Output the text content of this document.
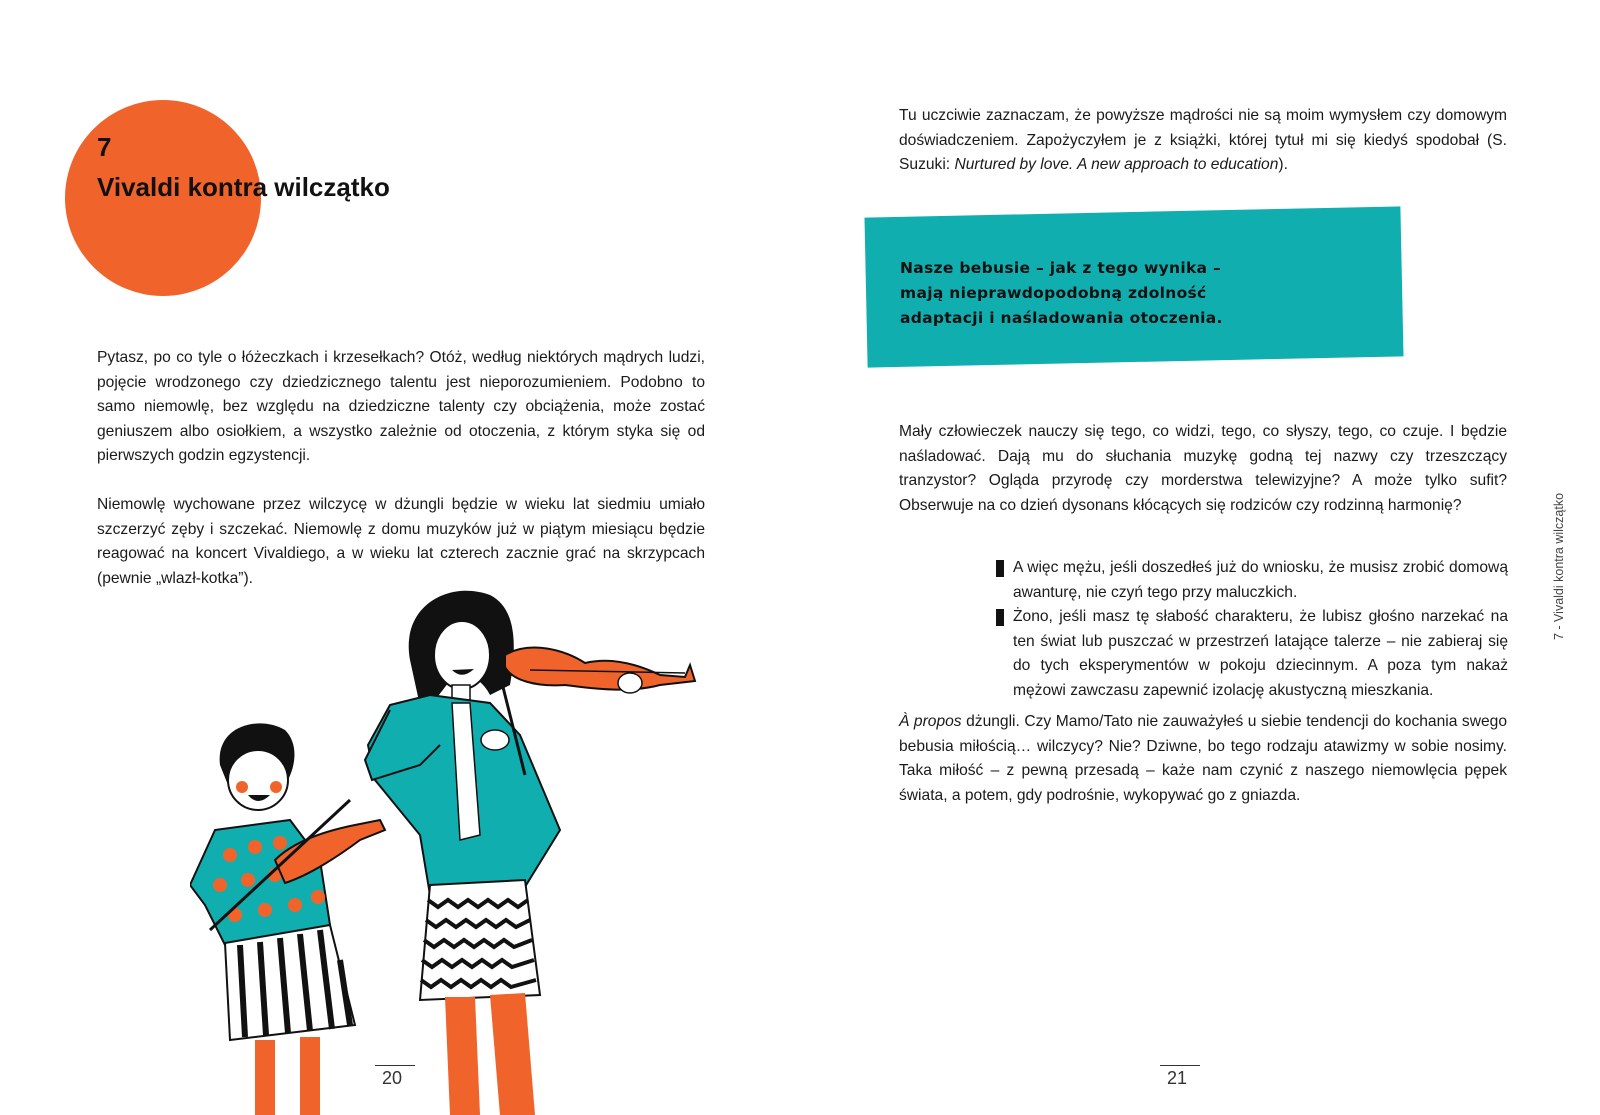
7
Vivaldi kontra wilczątko

Pytasz, po co tyle o łóżeczkach i krzesełkach? Otóż, według niektórych mądrych ludzi, pojęcie wrodzonego czy dziedzicznego talentu jest nieporozumieniem. Podobno to samo niemowlę, bez względu na dziedziczne talenty czy obciążenia, może zostać geniuszem albo osiołkiem, a wszystko zależnie od otoczenia, z którym styka się od pierwszych godzin egzystencji.

Niemowlę wychowane przez wilczycę w dżungli będzie w wieku lat siedmiu umiało szczerzyć zęby i szczekać. Niemowlę z domu muzyków już w piątym miesiącu będzie reagować na koncert Vivaldiego, a w wieku lat czterech zacznie grać na skrzypcach (pewnie „wlazł-kotka”).

20

Tu uczciwie zaznaczam, że powyższe mądrości nie są moim wymysłem czy domowym doświadczeniem. Zapożyczyłem je z książki, której tytuł mi się kiedyś spodobał (S. Suzuki: Nurtured by love. A new approach to education).

Nasze bebusie – jak z tego wynika – mają nieprawdopodobną zdolność adaptacji i naśladowania otoczenia.

Mały człowieczek nauczy się tego, co widzi, tego, co słyszy, tego, co czuje. I będzie naśladować. Dają mu do słuchania muzykę godną tej nazwy czy trzeszczący tranzystor? Ogląda przyrodę czy morderstwa telewizyjne? A może tylko sufit? Obserwuje na co dzień dysonans kłócących się rodziców czy rodzinną harmonię?

A więc mężu, jeśli doszedłeś już do wniosku, że musisz zrobić domową awanturę, nie czyń tego przy maluczkich.
Żono, jeśli masz tę słabość charakteru, że lubisz głośno narzekać na ten świat lub puszczać w przestrzeń latające talerze – nie zabieraj się do tych eksperymentów w pokoju dziecinnym. A poza tym nakaż mężowi zawczasu zapewnić izolację akustyczną mieszkania.

À propos dżungli. Czy Mamo/Tato nie zauważyłeś u siebie tendencji do kochania swego bebusia miłością… wilczycy? Nie? Dziwne, bo tego rodzaju atawizmy w sobie nosimy. Taka miłość – z pewną przesadą – każe nam czynić z naszego niemowlęcia pępek świata, a potem, gdy podrośnie, wykopywać go z gniazda.

7 - Vivaldi kontra wilczątko
21
